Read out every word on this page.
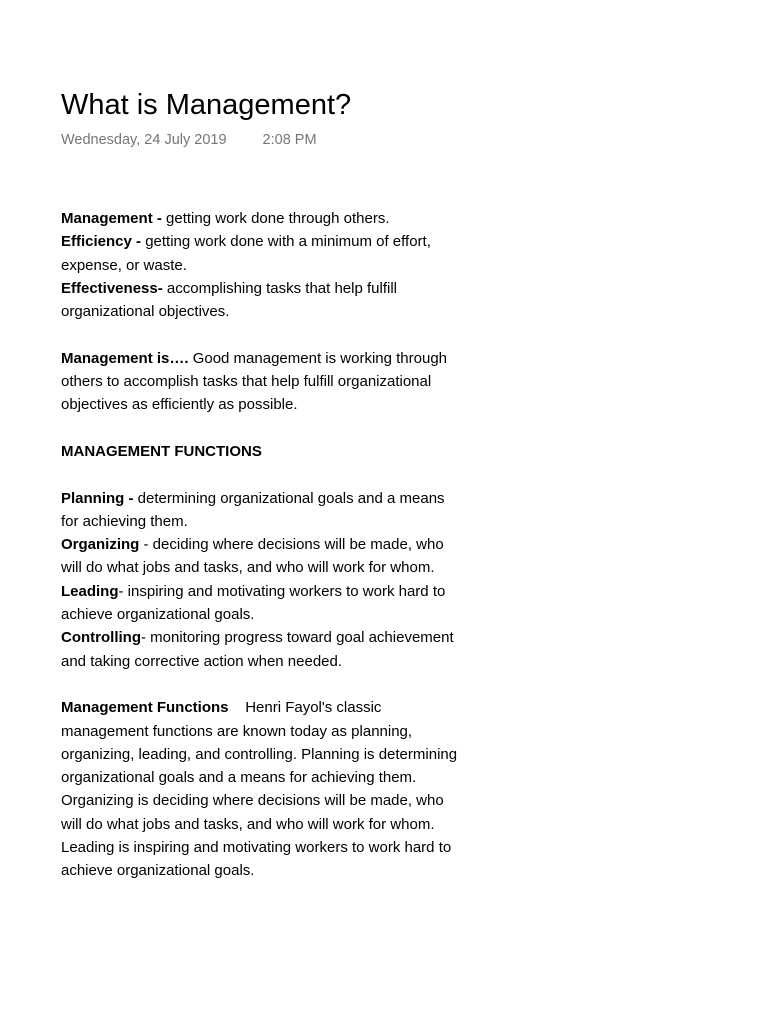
What is Management?
Wednesday, 24 July 2019 2:08 PM

Management - getting work done through others.

Efficiency - getting work done with a minimum of effort, expense, or waste.

Effectiveness- accomplishing tasks that help fulfill organizational objectives.

Management is…. Good management is working through others to accomplish tasks that help fulfill organizational objectives as efficiently as possible.

MANAGEMENT FUNCTIONS

Planning - determining organizational goals and a means for achieving them.

Organizing - deciding where decisions will be made, who will do what jobs and tasks, and who will work for whom.

Leading- inspiring and motivating workers to work hard to achieve organizational goals.

Controlling- monitoring progress toward goal achievement and taking corrective action when needed.

Management Functions Henri Fayol's classic management functions are known today as planning, organizing, leading, and controlling. Planning is determining organizational goals and a means for achieving them. Organizing is deciding where decisions will be made, who will do what jobs and tasks, and who will work for whom. Leading is inspiring and motivating workers to work hard to achieve organizational goals.
